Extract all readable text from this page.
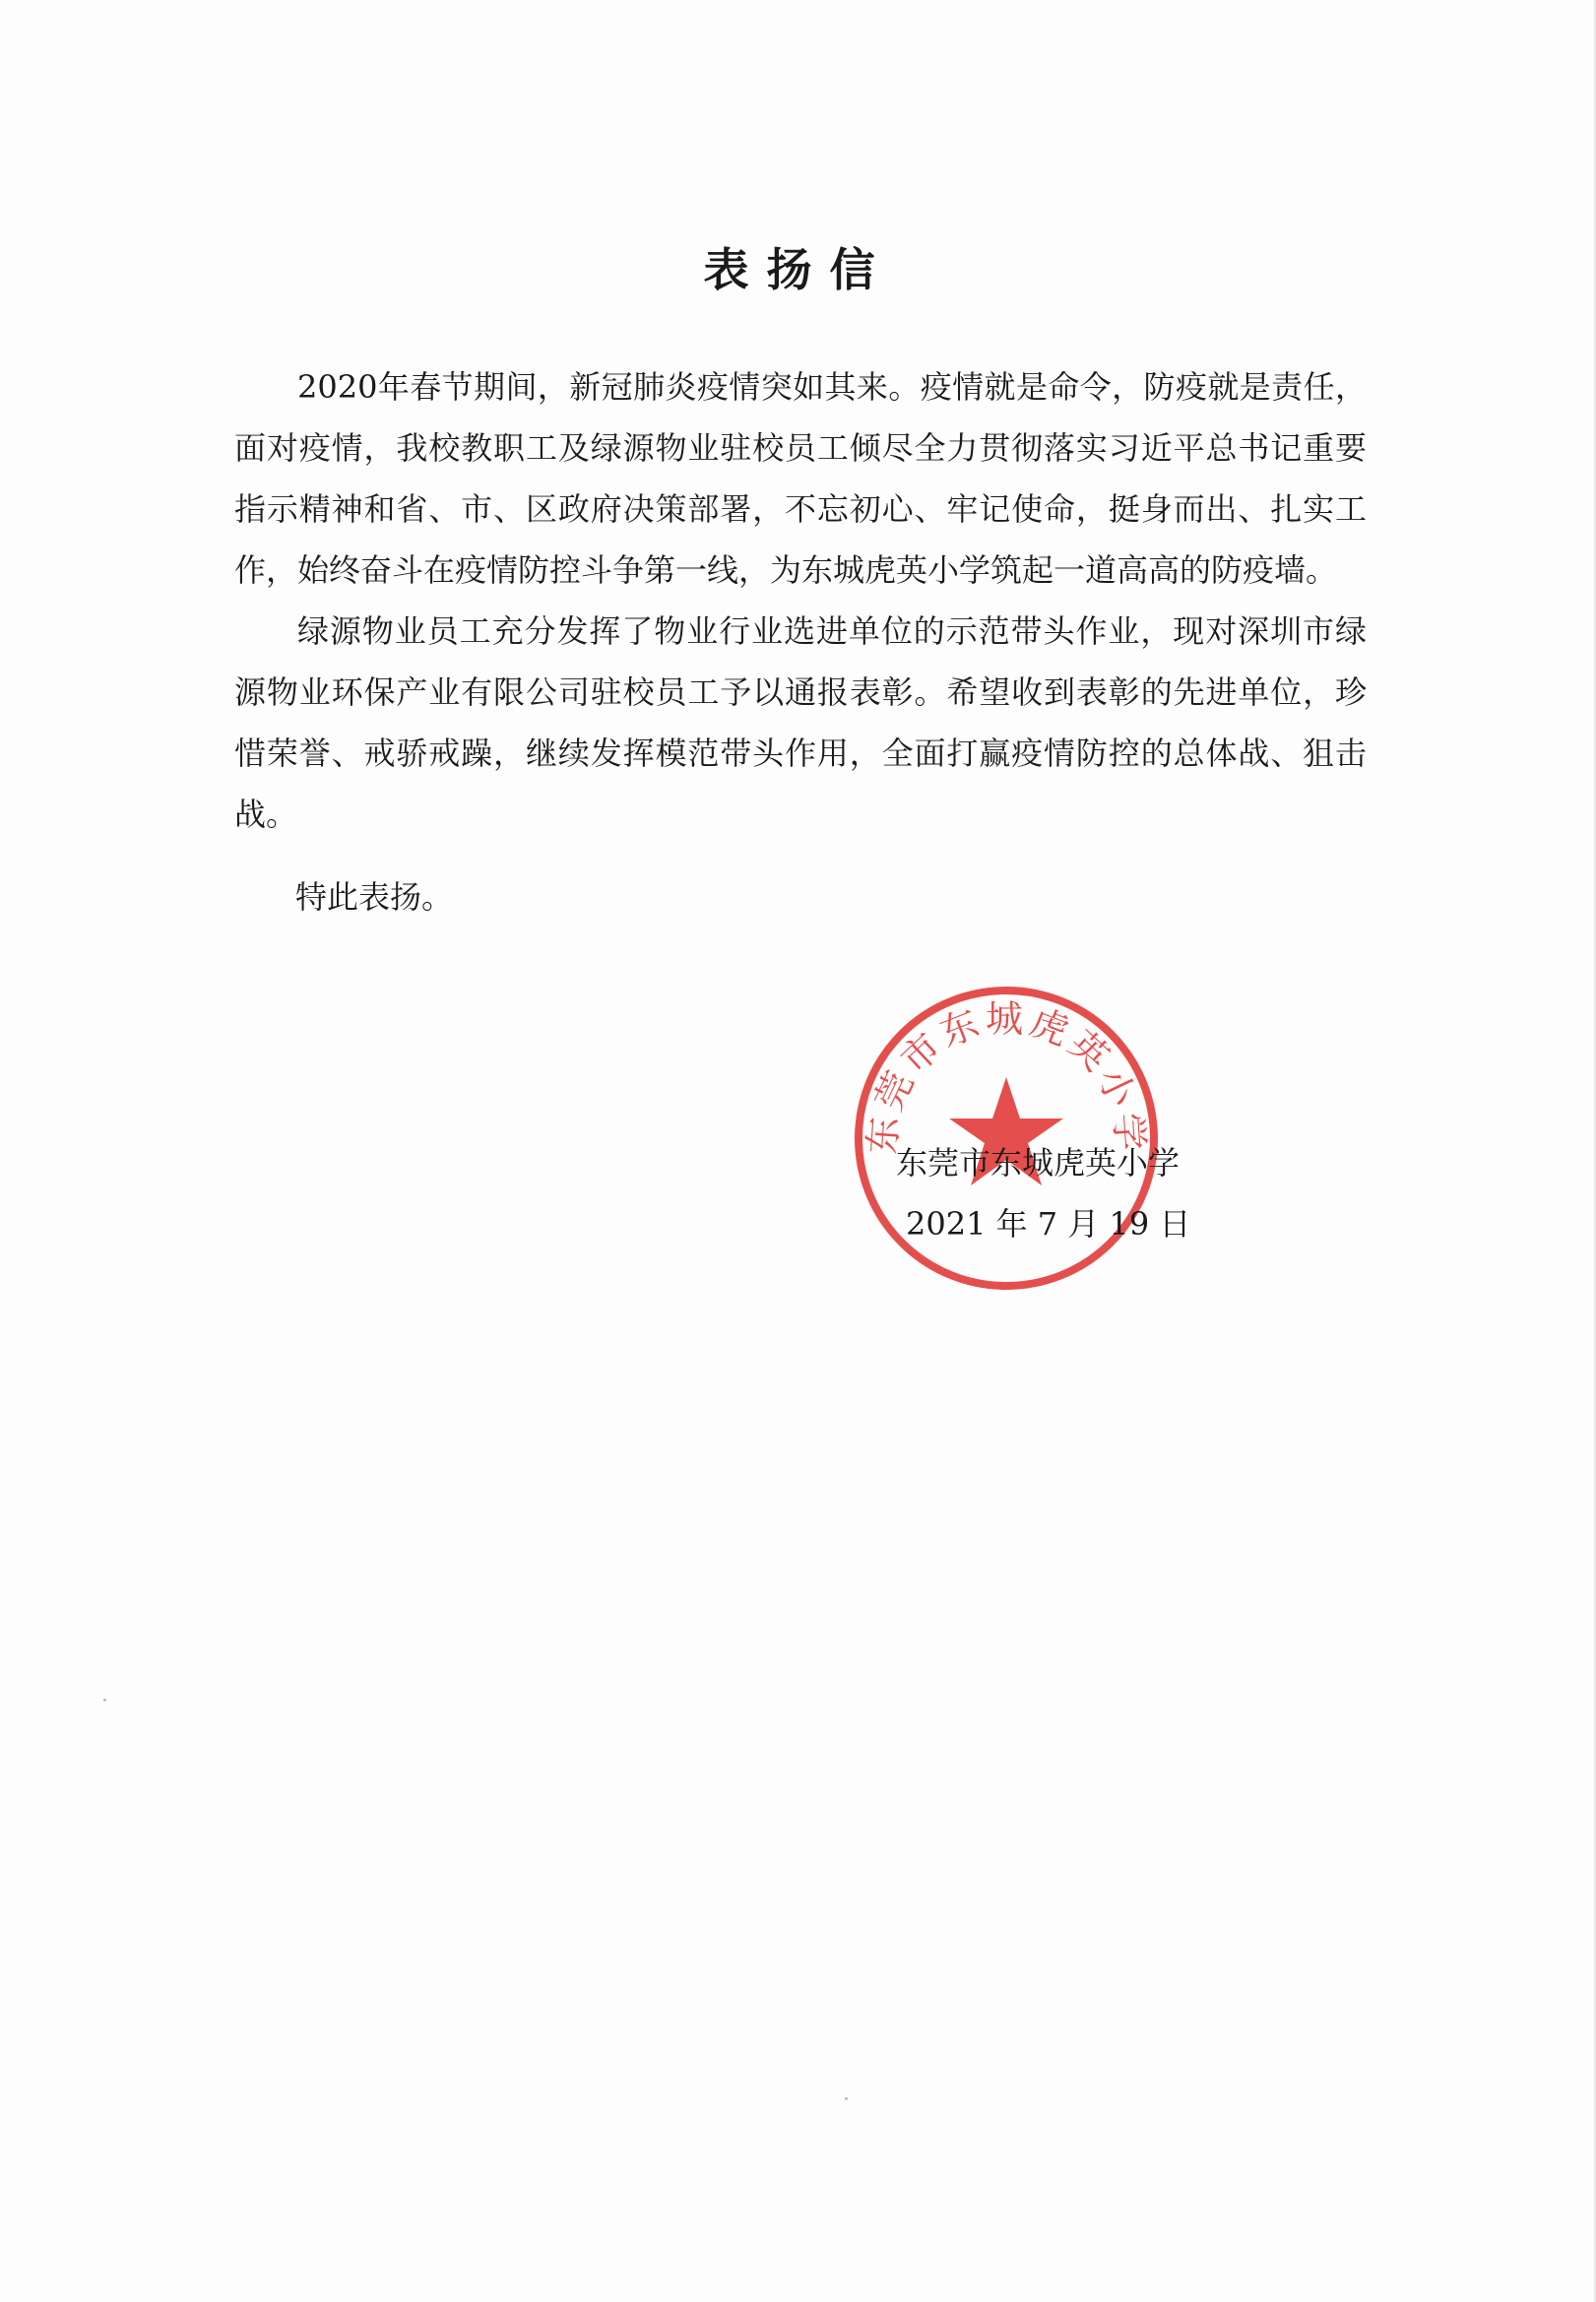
表扬信

2020年春节期间，新冠肺炎疫情突如其来。疫情就是命令，防疫就是责任，面对疫情，我校教职工及绿源物业驻校员工倾尽全力贯彻落实习近平总书记重要指示精神和省、市、区政府决策部署，不忘初心、牢记使命，挺身而出、扎实工作，始终奋斗在疫情防控斗争第一线，为东城虎英小学筑起一道高高的防疫墙。

绿源物业员工充分发挥了物业行业选进单位的示范带头作业，现对深圳市绿源物业环保产业有限公司驻校员工予以通报表彰。希望收到表彰的先进单位，珍惜荣誉、戒骄戒躁，继续发挥模范带头作用，全面打赢疫情防控的总体战、狙击战。

特此表扬。
东莞市东城虎英小学
东莞市东城虎英小学
2021 年 7 月 19 日
